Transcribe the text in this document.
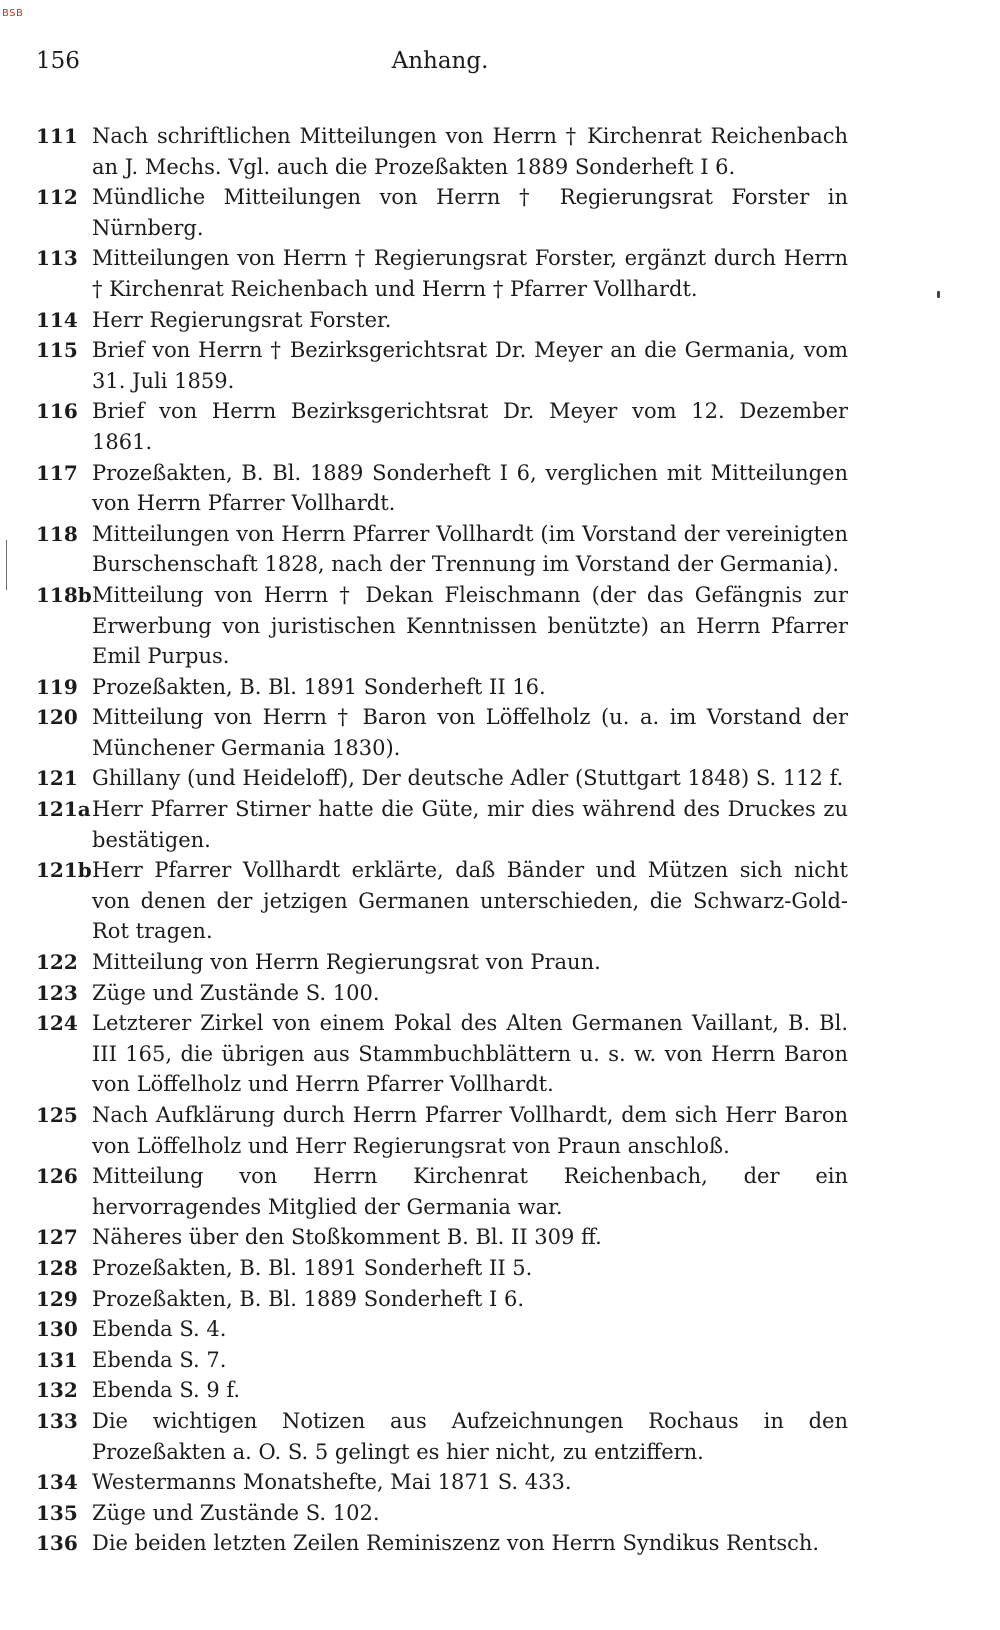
BSB
156	Anhang.
111 Nach schriftlichen Mitteilungen von Herrn † Kirchenrat Reichenbach an J. Mechs. Vgl. auch die Prozeßakten 1889 Sonderheft I 6.
112 Mündliche Mitteilungen von Herrn † Regierungsrat Forster in Nürnberg.
113 Mitteilungen von Herrn † Regierungsrat Forster, ergänzt durch Herrn † Kirchenrat Reichenbach und Herrn † Pfarrer Vollhardt.
114 Herr Regierungsrat Forster.
115 Brief von Herrn † Bezirksgerichtsrat Dr. Meyer an die Germania, vom 31. Juli 1859.
116 Brief von Herrn Bezirksgerichtsrat Dr. Meyer vom 12. Dezember 1861.
117 Prozeßakten, B. Bl. 1889 Sonderheft I 6, verglichen mit Mitteilungen von Herrn Pfarrer Vollhardt.
118 Mitteilungen von Herrn Pfarrer Vollhardt (im Vorstand der vereinigten Burschenschaft 1828, nach der Trennung im Vorstand der Germania).
118b Mitteilung von Herrn † Dekan Fleischmann (der das Gefängnis zur Erwerbung von juristischen Kenntnissen benützte) an Herrn Pfarrer Emil Purpus.
119 Prozeßakten, B. Bl. 1891 Sonderheft II 16.
120 Mitteilung von Herrn † Baron von Löffelholz (u. a. im Vorstand der Münchener Germania 1830).
121 Ghillany (und Heideloff), Der deutsche Adler (Stuttgart 1848) S. 112 f.
121a Herr Pfarrer Stirner hatte die Güte, mir dies während des Druckes zu bestätigen.
121b Herr Pfarrer Vollhardt erklärte, daß Bänder und Mützen sich nicht von denen der jetzigen Germanen unterschieden, die Schwarz-Gold-Rot tragen.
122 Mitteilung von Herrn Regierungsrat von Praun.
123 Züge und Zustände S. 100.
124 Letzterer Zirkel von einem Pokal des Alten Germanen Vaillant, B. Bl. III 165, die übrigen aus Stammbuchblättern u. s. w. von Herrn Baron von Löffelholz und Herrn Pfarrer Vollhardt.
125 Nach Aufklärung durch Herrn Pfarrer Vollhardt, dem sich Herr Baron von Löffelholz und Herr Regierungsrat von Praun anschloß.
126 Mitteilung von Herrn Kirchenrat Reichenbach, der ein hervorragendes Mitglied der Germania war.
127 Näheres über den Stoßkomment B. Bl. II 309 ff.
128 Prozeßakten, B. Bl. 1891 Sonderheft II 5.
129 Prozeßakten, B. Bl. 1889 Sonderheft I 6.
130 Ebenda S. 4.
131 Ebenda S. 7.
132 Ebenda S. 9 f.
133 Die wichtigen Notizen aus Aufzeichnungen Rochaus in den Prozeßakten a. O. S. 5 gelingt es hier nicht, zu entziffern.
134 Westermanns Monatshefte, Mai 1871 S. 433.
135 Züge und Zustände S. 102.
136 Die beiden letzten Zeilen Reminiszenz von Herrn Syndikus Rentsch.
